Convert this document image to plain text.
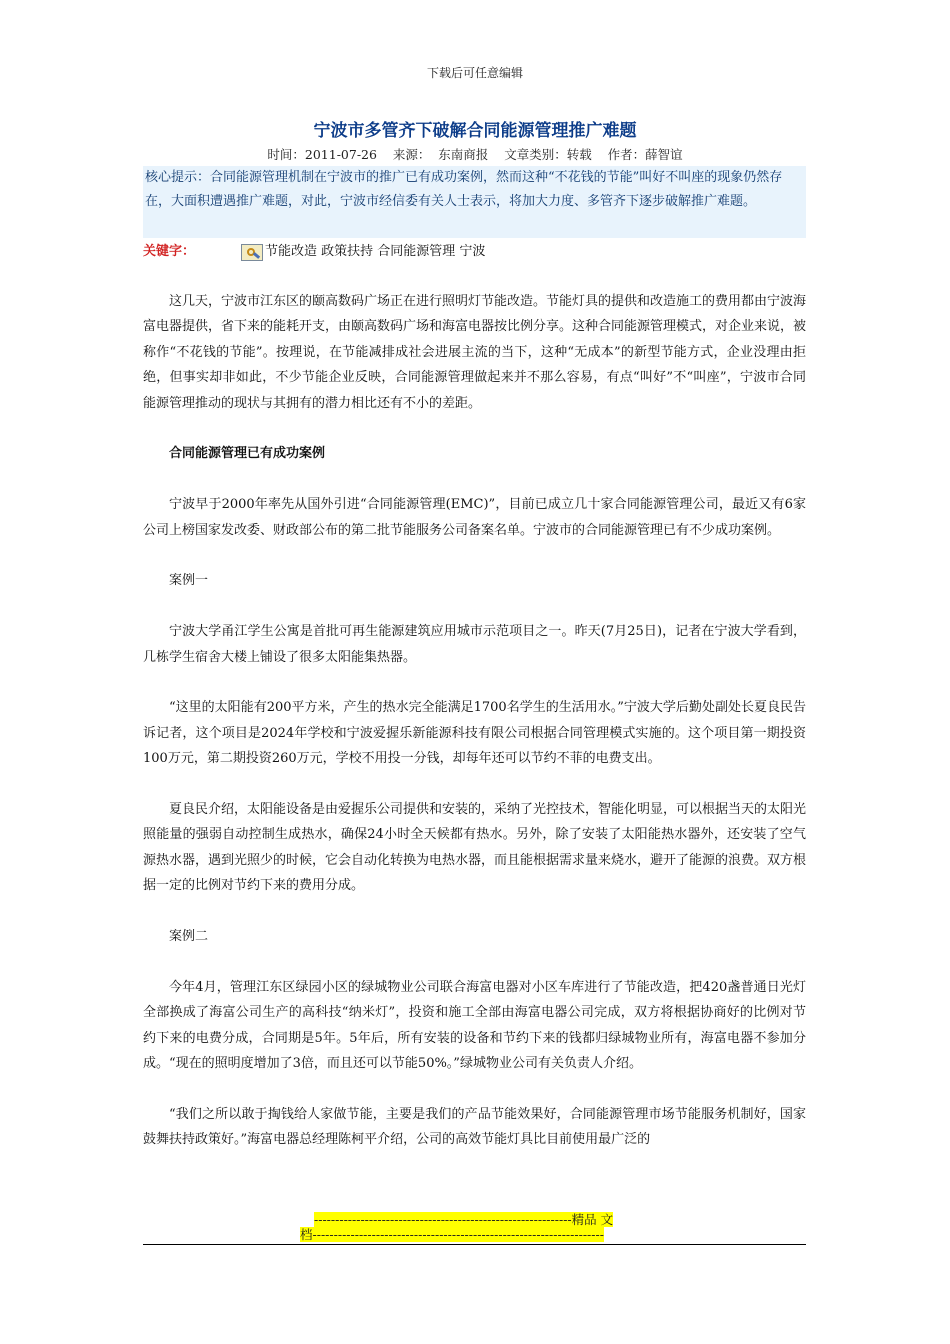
下载后可任意编辑
宁波市多管齐下破解合同能源管理推广难题
时间：2011-07-26    来源：  东南商报    文章类别：转载    作者：薛智谊
核心提示：合同能源管理机制在宁波市的推广已有成功案例，然而这种“不花钱的节能”叫好不叫座的现象仍然存在，大面积遭遇推广难题，对此，宁波市经信委有关人士表示，将加大力度、多管齐下逐步破解推广难题。
关键字：	节能改造 政策扶持 合同能源管理 宁波

这几天，宁波市江东区的颐高数码广场正在进行照明灯节能改造。节能灯具的提供和改造施工的费用都由宁波海富电器提供，省下来的能耗开支，由颐高数码广场和海富电器按比例分享。这种合同能源管理模式，对企业来说，被称作“不花钱的节能”。按理说，在节能减排成社会进展主流的当下，这种“无成本”的新型节能方式，企业没理由拒绝，但事实却非如此，不少节能企业反映，合同能源管理做起来并不那么容易，有点“叫好”不“叫座”，宁波市合同能源管理推动的现状与其拥有的潜力相比还有不小的差距。

合同能源管理已有成功案例

宁波早于2000年率先从国外引进“合同能源管理(EMC)”，目前已成立几十家合同能源管理公司，最近又有6家公司上榜国家发改委、财政部公布的第二批节能服务公司备案名单。宁波市的合同能源管理已有不少成功案例。

案例一

宁波大学甬江学生公寓是首批可再生能源建筑应用城市示范项目之一。昨天(7月25日)，记者在宁波大学看到，几栋学生宿舍大楼上铺设了很多太阳能集热器。

“这里的太阳能有200平方米，产生的热水完全能满足1700名学生的生活用水。”宁波大学后勤处副处长夏良民告诉记者，这个项目是2024年学校和宁波爱握乐新能源科技有限公司根据合同管理模式实施的。这个项目第一期投资100万元，第二期投资260万元，学校不用投一分钱，却每年还可以节约不菲的电费支出。

夏良民介绍，太阳能设备是由爱握乐公司提供和安装的，采纳了光控技术，智能化明显，可以根据当天的太阳光照能量的强弱自动控制生成热水，确保24小时全天候都有热水。另外，除了安装了太阳能热水器外，还安装了空气源热水器，遇到光照少的时候，它会自动化转换为电热水器，而且能根据需求量来烧水，避开了能源的浪费。双方根据一定的比例对节约下来的费用分成。

案例二

今年4月，管理江东区绿园小区的绿城物业公司联合海富电器对小区车库进行了节能改造，把420盏普通日光灯全部换成了海富公司生产的高科技“纳米灯”，投资和施工全部由海富电器公司完成，双方将根据协商好的比例对节约下来的电费分成，合同期是5年。5年后，所有安装的设备和节约下来的钱都归绿城物业所有，海富电器不参加分成。“现在的照明度增加了3倍，而且还可以节能50%。”绿城物业公司有关负责人介绍。

“我们之所以敢于掏钱给人家做节能，主要是我们的产品节能效果好，合同能源管理市场节能服务机制好，国家鼓舞扶持政策好。”海富电器总经理陈柯平介绍，公司的高效节能灯具比目前使用最广泛的

-------------------------------------------------------------精品 文
档---------------------------------------------------------------------
